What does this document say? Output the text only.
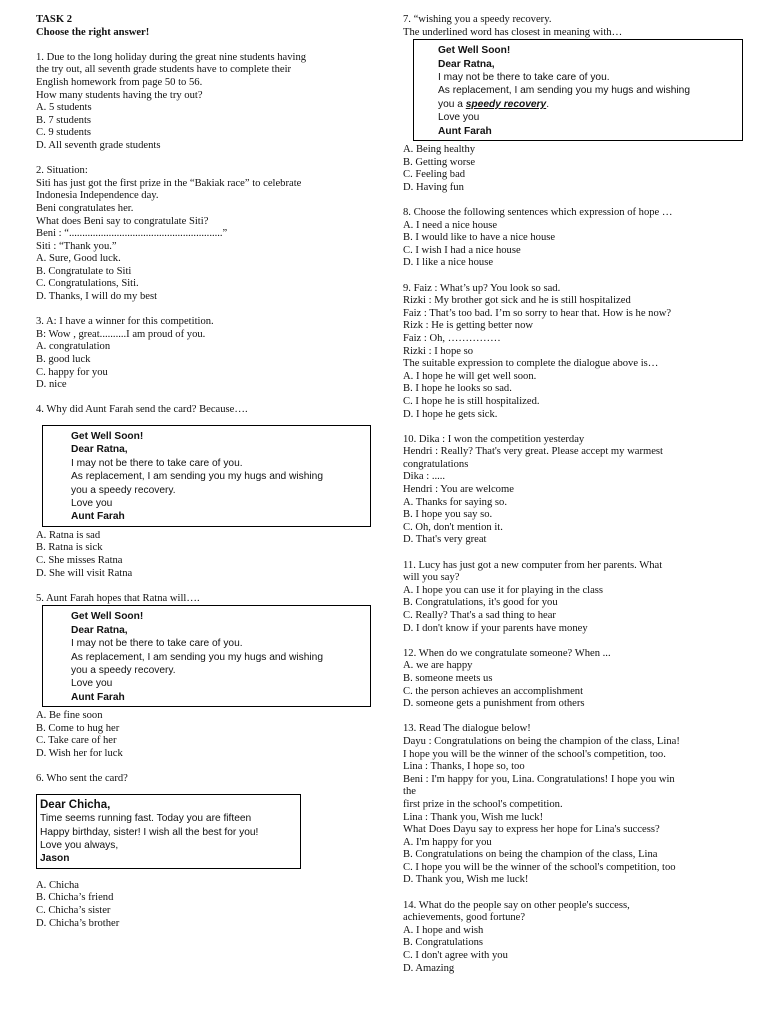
TASK 2
Choose the right answer!
1. Due to the long holiday during the great nine students having
the try out, all seventh grade students have to complete their
English homework from page 50 to 56.
How many students having the try out?
A. 5 students
B. 7 students
C. 9 students
D. All seventh grade students
2. Situation:
Siti has just got the first prize in the “Bakiak race” to celebrate
Indonesia Independence day.
Beni congratulates her.
What does Beni say to congratulate Siti?
Beni : “..........................................................”
Siti : “Thank you.”
A. Sure, Good luck.
B. Congratulate to Siti
C. Congratulations, Siti.
D. Thanks, I will do my best
3. A: I have a winner for this competition.
B: Wow , great..........I am proud of you.
A. congratulation
B. good luck
C. happy for you
D. nice
4. Why did Aunt Farah send the card? Because….
Get Well Soon!
Dear Ratna,
I may not be there to take care of you.
As replacement, I am sending you my hugs and wishing
you a speedy recovery.
Love you
Aunt Farah
A. Ratna is sad
B. Ratna is sick
C. She misses Ratna
D. She will visit Ratna
5. Aunt Farah hopes that Ratna will….
Get Well Soon!
Dear Ratna,
I may not be there to take care of you.
As replacement, I am sending you my hugs and wishing
you a speedy recovery.
Love you
Aunt Farah
A. Be fine soon
B. Come to hug her
C. Take care of her
D. Wish her for luck
6. Who sent the card?
Dear Chicha,
Time seems running fast. Today you are fifteen
Happy birthday, sister! I wish all the best for you!
Love you always,
Jason
A. Chicha
B. Chicha’s friend
C. Chicha’s sister
D. Chicha’s brother
7. “wishing you a speedy recovery.
The underlined word has closest in meaning with…
Get Well Soon!
Dear Ratna,
I may not be there to take care of you.
As replacement, I am sending you my hugs and wishing
you a speedy recovery.
Love you
Aunt Farah
A. Being healthy
B. Getting worse
C. Feeling bad
D. Having fun
8. Choose the following sentences which expression of hope …
A. I need a nice house
B. I would like to have a nice house
C. I wish I had a nice house
D. I like a nice house
9. Faiz : What’s up? You look so sad.
Rizki : My brother got sick and he is still hospitalized
Faiz : That’s too bad. I’m so sorry to hear that. How is he now?
Rizk : He is getting better now
Faiz : Oh, ……………
Rizki : I hope so
The suitable expression to complete the dialogue above is…
A. I hope he will get well soon.
B. I hope he looks so sad.
C. I hope he is still hospitalized.
D. I hope he gets sick.
10. Dika : I won the competition yesterday
Hendri : Really? That's very great. Please accept my warmest
congratulations
Dika : .....
Hendri : You are welcome
A. Thanks for saying so.
B. I hope you say so.
C. Oh, don't mention it.
D. That's very great
11. Lucy has just got a new computer from her parents. What
will you say?
A. I hope you can use it for playing in the class
B. Congratulations, it's good for you
C. Really? That's a sad thing to hear
D. I don't know if your parents have money
12. When do we congratulate someone? When ...
A. we are happy
B. someone meets us
C. the person achieves an accomplishment
D. someone gets a punishment from others
13. Read The dialogue below!
Dayu : Congratulations on being the champion of the class, Lina!
I hope you will be the winner of the school's competition, too.
Lina : Thanks, I hope so, too
Beni : I'm happy for you, Lina. Congratulations! I hope you win
the
first prize in the school's competition.
Lina : Thank you, Wish me luck!
What Does Dayu say to express her hope for Lina's success?
A. I'm happy for you
B. Congratulations on being the champion of the class, Lina
C. I hope you will be the winner of the school's competition, too
D. Thank you, Wish me luck!
14. What do the people say on other people's success,
achievements, good fortune?
A. I hope and wish
B. Congratulations
C. I don't agree with you
D. Amazing
